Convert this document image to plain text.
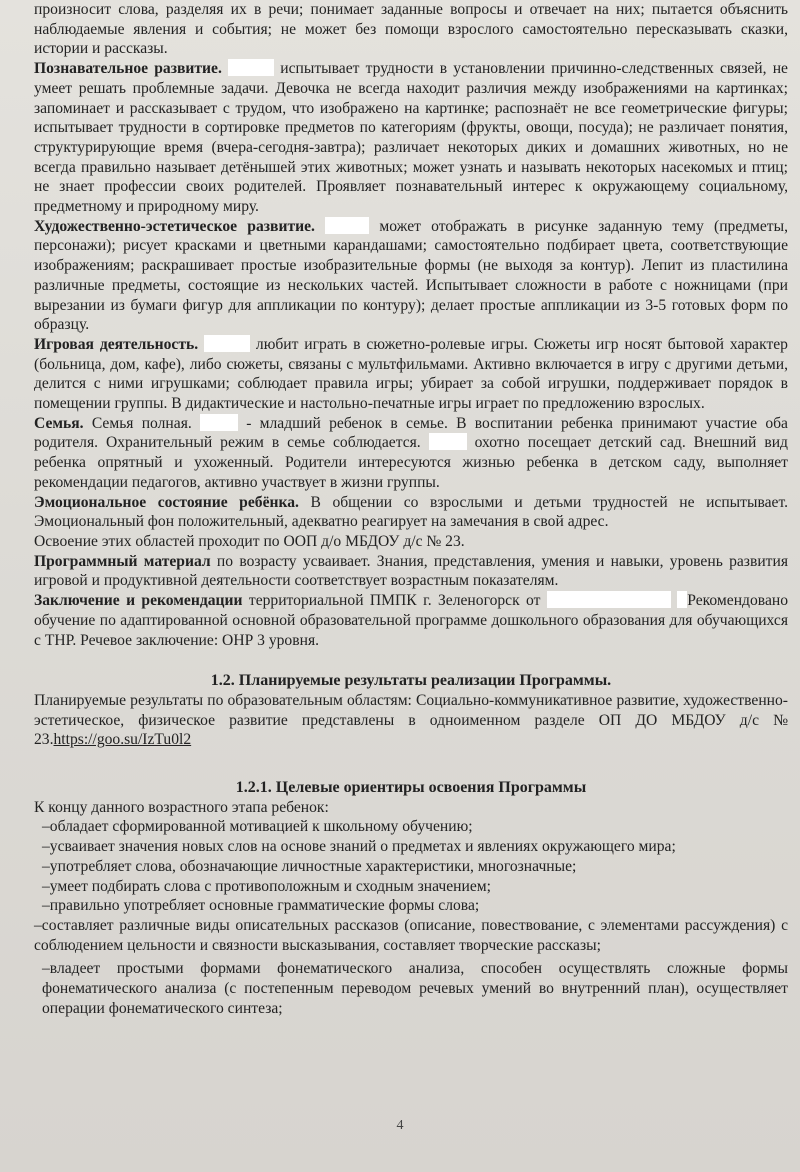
произносит слова, разделяя их в речи; понимает заданные вопросы и отвечает на них; пытается объяснить наблюдаемые явления и события; не может без помощи взрослого самостоятельно пересказывать сказки, истории и рассказы.

Познавательное развитие.	испытывает трудности в установлении причинно-следственных связей, не умеет решать проблемные задачи. Девочка не всегда находит различия между изображениями на картинках; запоминает и рассказывает с трудом, что изображено на картинке; распознаёт не все геометрические фигуры; испытывает трудности в сортировке предметов по категориям (фрукты, овощи, посуда); не различает понятия, структурирующие время (вчера-сегодня-завтра); различает некоторых диких и домашних животных, но не всегда правильно называет детёнышей этих животных; может узнать и называть некоторых насекомых и птиц; не знает профессии своих родителей. Проявляет познавательный интерес к окружающему социальному, предметному и природному миру.

Художественно-эстетическое развитие.	может отображать в рисунке заданную тему (предметы, персонажи); рисует красками и цветными карандашами; самостоятельно подбирает цвета, соответствующие изображениям; раскрашивает простые изобразительные формы (не выходя за контур). Лепит из пластилина различные предметы, состоящие из нескольких частей. Испытывает сложности в работе с ножницами (при вырезании из бумаги фигур для аппликации по контуру); делает простые аппликации из 3-5 готовых форм по образцу.

Игровая деятельность.	любит играть в сюжетно-ролевые игры. Сюжеты игр носят бытовой характер (больница, дом, кафе), либо сюжеты, связаны с мультфильмами. Активно включается в игру с другими детьми, делится с ними игрушками; соблюдает правила игры; убирает за собой игрушки, поддерживает порядок в помещении группы. В дидактические и настольно-печатные игры играет по предложению взрослых.

Семья. Семья полная.	- младший ребенок в семье. В воспитании ребенка принимают участие оба родителя. Охранительный режим в семье соблюдается.	охотно посещает детский сад. Внешний вид ребенка опрятный и ухоженный. Родители интересуются жизнью ребенка в детском саду, выполняет рекомендации педагогов, активно участвует в жизни группы.

Эмоциональное состояние ребёнка. В общении со взрослыми и детьми трудностей не испытывает. Эмоциональный фон положительный, адекватно реагирует на замечания в свой адрес.

Освоение этих областей проходит по ООП д/о МБДОУ д/с № 23.

Программный материал по возрасту усваивает. Знания, представления, умения и навыки, уровень развития игровой и продуктивной деятельности соответствует возрастным показателям.

Заключение и рекомендации территориальной ПМПК г. Зеленогорск от	Рекомендовано обучение по адаптированной основной образовательной программе дошкольного образования для обучающихся с ТНР. Речевое заключение: ОНР 3 уровня.

1.2. Планируемые результаты реализации Программы.

Планируемые результаты по образовательным областям: Социально-коммуникативное развитие, художественно-эстетическое, физическое развитие представлены в одноименном разделе ОП ДО МБДОУ д/с № 23.https://goo.su/IzTu0l2

1.2.1. Целевые ориентиры освоения Программы

К концу данного возрастного этапа ребенок:

–обладает сформированной мотивацией к школьному обучению;

–усваивает значения новых слов на основе знаний о предметах и явлениях окружающего мира;

–употребляет слова, обозначающие личностные характеристики, многозначные;

–умеет подбирать слова с противоположным и сходным значением;

–правильно употребляет основные грамматические формы слова;

–составляет различные виды описательных рассказов (описание, повествование, с элементами рассуждения) с соблюдением цельности и связности высказывания, составляет творческие рассказы;

–владеет простыми формами фонематического анализа, способен осуществлять сложные формы фонематического анализа (с постепенным переводом речевых умений во внутренний план), осуществляет операции фонематического синтеза;

4
